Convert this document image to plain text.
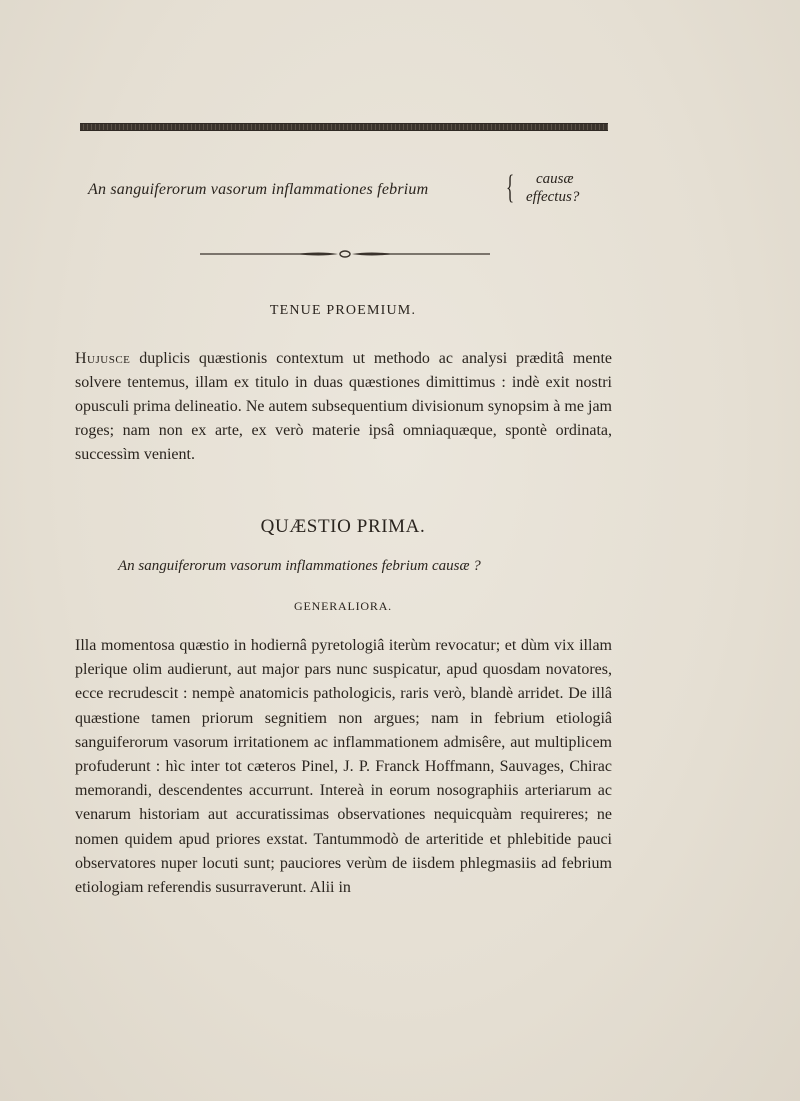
An sanguiferorum vasorum inflammationes febrium { causæ
effectus?
TENUE PROEMIUM.

Hujusce duplicis quæstionis contextum ut methodo ac analysi præditâ mente solvere tentemus, illam ex titulo in duas quæstiones dimittimus : indè exit nostri opusculi prima delineatio. Ne autem subsequentium divisionum synopsim à me jam roges; nam non ex arte, ex verò materie ipsâ omniaquæque, spontè ordinata, successìm venient.

QUÆSTIO PRIMA.
An sanguiferorum vasorum inflammationes febrium causæ ?
GENERALIORA.

Illa momentosa quæstio in hodiernâ pyretologiâ iterùm revocatur; et dùm vix illam plerique olim audierunt, aut major pars nunc suspicatur, apud quosdam novatores, ecce recrudescit : nempè anatomicis pathologicis, raris verò, blandè arridet. De illâ quæstione tamen priorum segnitiem non argues; nam in febrium etiologiâ sanguiferorum vasorum irritationem ac inflammationem admisêre, aut multiplicem profuderunt : hìc inter tot cæteros Pinel, J. P. Franck Hoffmann, Sauvages, Chirac memorandi, descendentes accurrunt. Intereà in eorum nosographiis arteriarum ac venarum historiam aut accuratissimas observationes nequicquàm requireres; ne nomen quidem apud priores exstat. Tantummodò de arteritide et phlebitide pauci observatores nuper locuti sunt; pauciores verùm de iisdem phlegmasiis ad febrium etiologiam referendis susurraverunt. Alii in
